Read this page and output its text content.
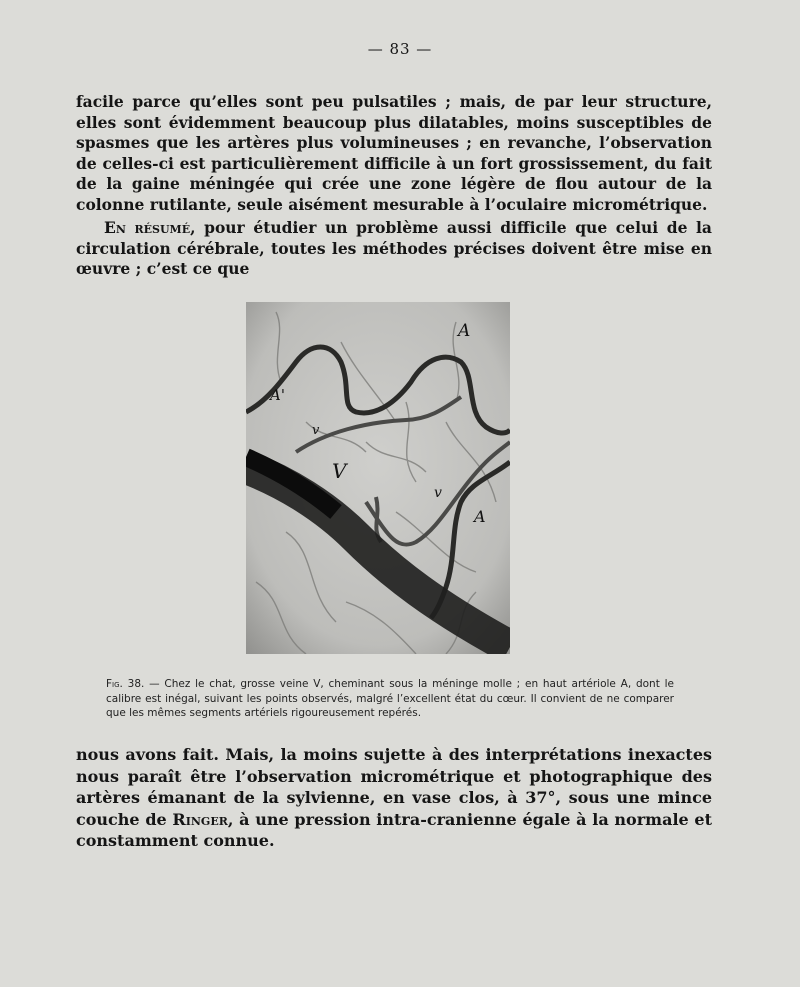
— 83 —

facile parce qu’elles sont peu pulsatiles ; mais, de par leur structure, elles sont évidemment beaucoup plus dilatables, moins susceptibles de spasmes que les artères plus volumineuses ; en revanche, l’observation de celles-ci est particulièrement difficile à un fort grossissement, du fait de la gaine méningée qui crée une zone légère de flou autour de la colonne rutilante, seule aisément mesurable à l’oculaire micrométrique.

En résumé, pour étudier un problème aussi difficile que celui de la circulation cérébrale, toutes les méthodes précises doivent être mise en œuvre ; c’est ce que

A
A'
v
V
v
A

Fig. 38. — Chez le chat, grosse veine V, cheminant sous la méninge molle ; en haut artériole A, dont le calibre est inégal, suivant les points observés, malgré l’excellent état du cœur. Il convient de ne comparer que les mêmes segments artériels rigoureusement repérés.

nous avons fait. Mais, la moins sujette à des interprétations inexactes nous paraît être l’observation micrométrique et photographique des artères émanant de la sylvienne, en vase clos, à 37°, sous une mince couche de Ringer, à une pression intra-cranienne égale à la normale et constamment connue.
